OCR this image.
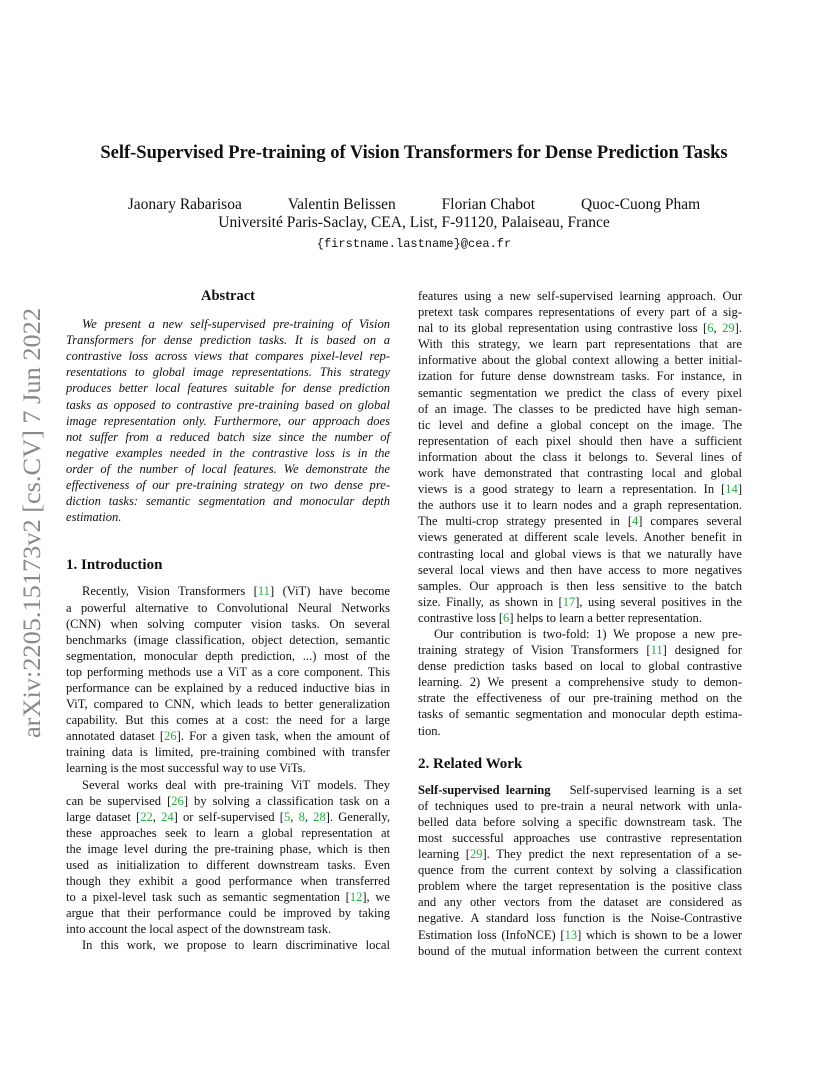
Self-Supervised Pre-training of Vision Transformers for Dense Prediction Tasks
Jaonary Rabarisoa	Valentin Belissen	Florian Chabot	Quoc-Cuong Pham
Université Paris-Saclay, CEA, List, F-91120, Palaiseau, France
{firstname.lastname}@cea.fr
arXiv:2205.15173v2 [cs.CV] 7 Jun 2022
Abstract
We present a new self-supervised pre-training of Vision
Transformers for dense prediction tasks. It is based on a
contrastive loss across views that compares pixel-level rep-
resentations to global image representations. This strategy
produces better local features suitable for dense prediction
tasks as opposed to contrastive pre-training based on global
image representation only. Furthermore, our approach does
not suffer from a reduced batch size since the number of
negative examples needed in the contrastive loss is in the
order of the number of local features. We demonstrate the
effectiveness of our pre-training strategy on two dense pre-
diction tasks: semantic segmentation and monocular depth
estimation.
1. Introduction
Recently, Vision Transformers [11] (ViT) have become
a powerful alternative to Convolutional Neural Networks
(CNN) when solving computer vision tasks. On several
benchmarks (image classification, object detection, semantic
segmentation, monocular depth prediction, ...) most of the
top performing methods use a ViT as a core component. This
performance can be explained by a reduced inductive bias in
ViT, compared to CNN, which leads to better generalization
capability. But this comes at a cost: the need for a large
annotated dataset [26]. For a given task, when the amount of
training data is limited, pre-training combined with transfer
learning is the most successful way to use ViTs.
Several works deal with pre-training ViT models. They
can be supervised [26] by solving a classification task on a
large dataset [22, 24] or self-supervised [5, 8, 28]. Generally,
these approaches seek to learn a global representation at
the image level during the pre-training phase, which is then
used as initialization to different downstream tasks. Even
though they exhibit a good performance when transferred
to a pixel-level task such as semantic segmentation [12], we
argue that their performance could be improved by taking
into account the local aspect of the downstream task.
In this work, we propose to learn discriminative local
features using a new self-supervised learning approach. Our
pretext task compares representations of every part of a sig-
nal to its global representation using contrastive loss [6, 29].
With this strategy, we learn part representations that are
informative about the global context allowing a better initial-
ization for future dense downstream tasks. For instance, in
semantic segmentation we predict the class of every pixel
of an image. The classes to be predicted have high seman-
tic level and define a global concept on the image. The
representation of each pixel should then have a sufficient
information about the class it belongs to. Several lines of
work have demonstrated that contrasting local and global
views is a good strategy to learn a representation. In [14]
the authors use it to learn nodes and a graph representation.
The multi-crop strategy presented in [4] compares several
views generated at different scale levels. Another benefit in
contrasting local and global views is that we naturally have
several local views and then have access to more negatives
samples. Our approach is then less sensitive to the batch
size. Finally, as shown in [17], using several positives in the
contrastive loss [6] helps to learn a better representation.
Our contribution is two-fold: 1) We propose a new pre-
training strategy of Vision Transformers [11] designed for
dense prediction tasks based on local to global contrastive
learning. 2) We present a comprehensive study to demon-
strate the effectiveness of our pre-training method on the
tasks of semantic segmentation and monocular depth estima-
tion.
2. Related Work
Self-supervised learning Self-supervised learning is a set
of techniques used to pre-train a neural network with unla-
belled data before solving a specific downstream task. The
most successful approaches use contrastive representation
learning [29]. They predict the next representation of a se-
quence from the current context by solving a classification
problem where the target representation is the positive class
and any other vectors from the dataset are considered as
negative. A standard loss function is the Noise-Contrastive
Estimation loss (InfoNCE) [13] which is shown to be a lower
bound of the mutual information between the current context
